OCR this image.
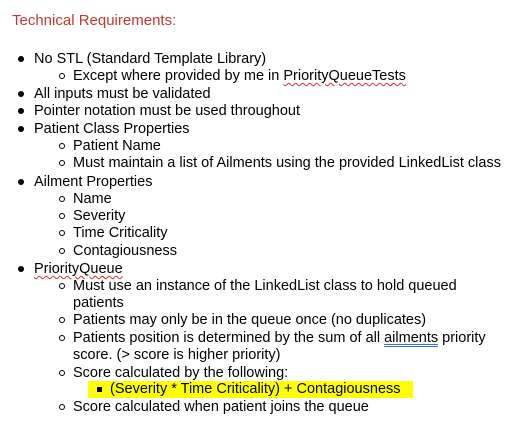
Technical Requirements:
No STL (Standard Template Library)
Except where provided by me in PriorityQueueTests
All inputs must be validated
Pointer notation must be used throughout
Patient Class Properties
Patient Name
Must maintain a list of Ailments using the provided LinkedList class
Ailment Properties
Name
Severity
Time Criticality
Contagiousness
PriorityQueue
Must use an instance of the LinkedList class to hold queued
patients
Patients may only be in the queue once (no duplicates)
Patients position is determined by the sum of all ailments priority
score. (> score is higher priority)
Score calculated by the following:
(Severity * Time Criticality) + Contagiousness
Score calculated when patient joins the queue
